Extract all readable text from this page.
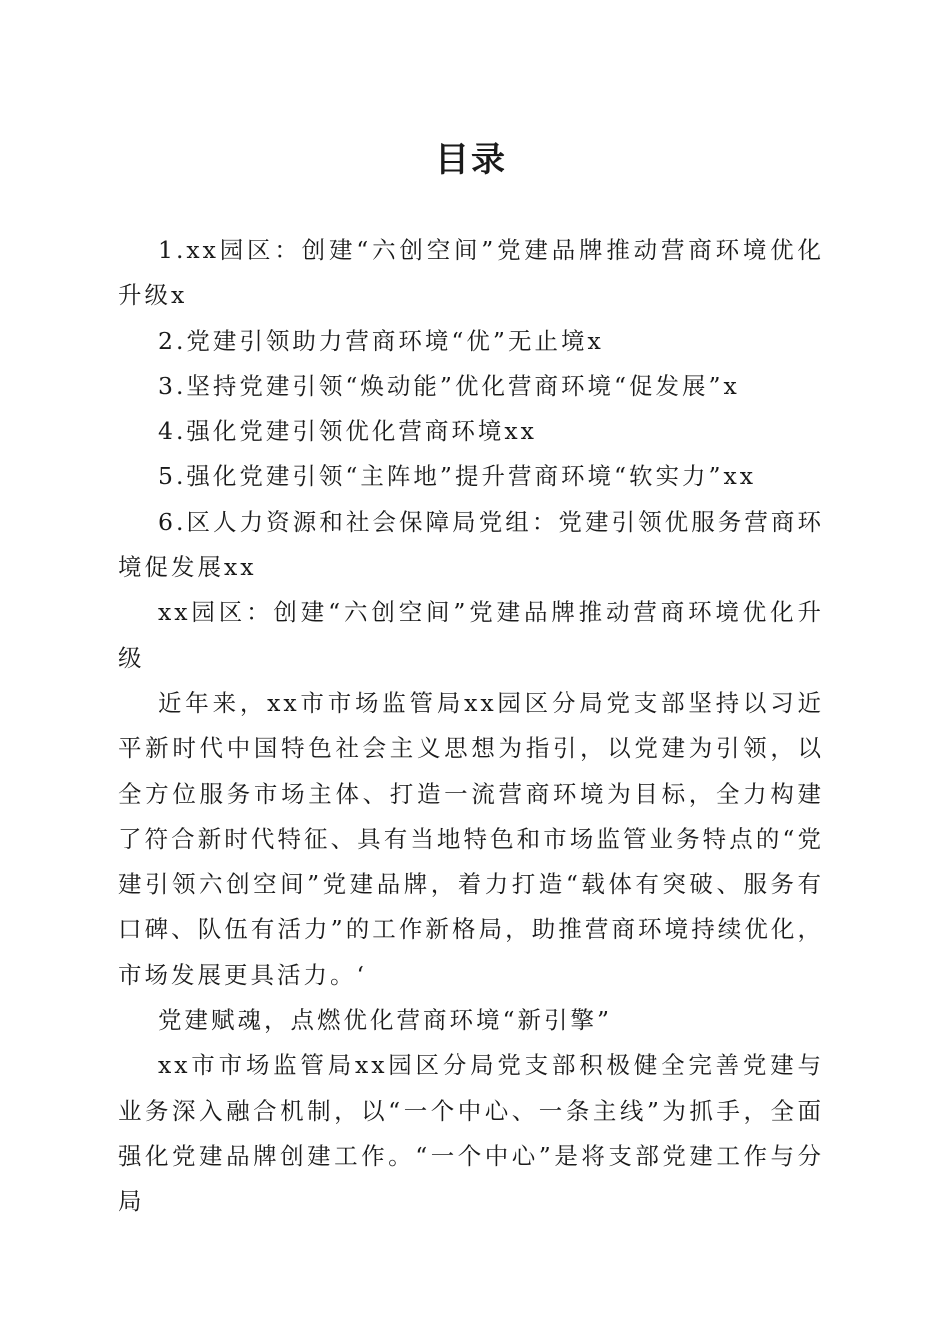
目录

1.xx园区：创建“六创空间”党建品牌推动营商环境优化升级x

2.党建引领助力营商环境“优”无止境x

3.坚持党建引领“焕动能”优化营商环境“促发展”x

4.强化党建引领优化营商环境xx

5.强化党建引领“主阵地”提升营商环境“软实力”xx

6.区人力资源和社会保障局党组：党建引领优服务营商环境促发展xx

xx园区：创建“六创空间”党建品牌推动营商环境优化升级

近年来，xx市市场监管局xx园区分局党支部坚持以习近平新时代中国特色社会主义思想为指引，以党建为引领，以全方位服务市场主体、打造一流营商环境为目标，全力构建了符合新时代特征、具有当地特色和市场监管业务特点的“党建引领六创空间”党建品牌，着力打造“载体有突破、服务有口碑、队伍有活力”的工作新格局，助推营商环境持续优化，市场发展更具活力。‘

党建赋魂，点燃优化营商环境“新引擎”

xx市市场监管局xx园区分局党支部积极健全完善党建与业务深入融合机制，以“一个中心、一条主线”为抓手，全面强化党建品牌创建工作。“一个中心”是将支部党建工作与分局
